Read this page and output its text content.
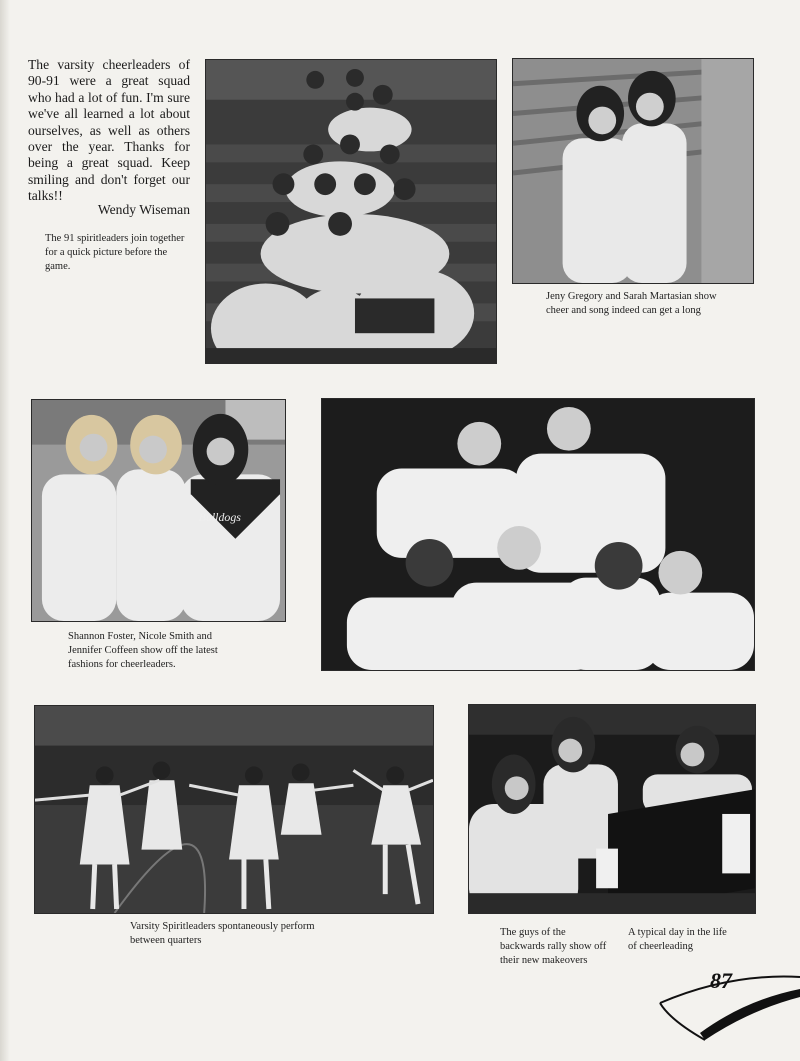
The varsity cheerleaders of 90-91 were a great squad who had a lot of fun. I'm sure we've all learned a lot about ourselves, as well as others over the year. Thanks for being a great squad. Keep smiling and don't forget our talks!!

Wendy Wiseman

The 91 spiritleaders join together for a quick picture before the game.

Jeny Gregory and Sarah Martasian show cheer and song indeed can get a long

Bulldogs

Shannon Foster, Nicole Smith and Jennifer Coffeen show off the latest fashions for cheerleaders.

The guys of the backwards rally show off their new makeovers

Varsity Spiritleaders spontaneously perform between quarters

A typical day in the life of cheerleading

87
